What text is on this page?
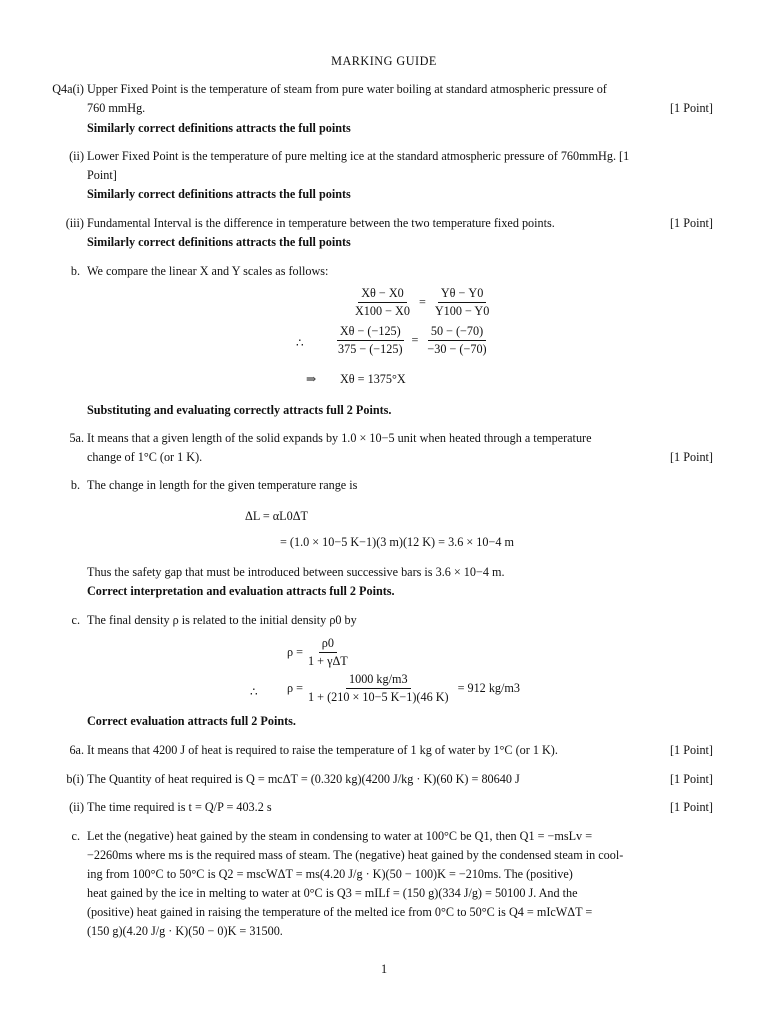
MARKING GUIDE
Q4a(i) Upper Fixed Point is the temperature of steam from pure water boiling at standard atmospheric pressure of
760 mmHg.	[1 Point]
Similarly correct definitions attracts the full points
(ii) Lower Fixed Point is the temperature of pure melting ice at the standard atmospheric pressure of 760mmHg. [1
Point]
Similarly correct definitions attracts the full points
(iii) Fundamental Interval is the difference in temperature between the two temperature fixed points.	[1 Point]
Similarly correct definitions attracts the full points
b. We compare the linear X and Y scales as follows:
$\frac{X\theta - X0}{X100 - X0} = \frac{Y\theta - Y0}{Y100 - Y0}$
∴	$\frac{X\theta - (-125)}{375 - (-125)} = \frac{50 - (-70)}{-30 - (-70)}$
⇒ Xθ = 1375°X
Substituting and evaluating correctly attracts full 2 Points.
5a. It means that a given length of the solid expands by 1.0 × 10−5 unit when heated through a temperature
change of 1°C (or 1 K).	[1 Point]
b. The change in length for the given temperature range is
ΔL = αL0ΔT
= (1.0 × 10−5 K−1)(3 m)(12 K) = 3.6 × 10−4 m
Thus the safety gap that must be introduced between successive bars is 3.6 × 10−4 m.
Correct interpretation and evaluation attracts full 2 Points.
c. The final density ρ is related to the initial density ρ0 by
$\rho = \frac{\rho 0}{\text{1 + γΔT}}$
∴ $\rho = \frac{1000 kg/m3}{1 + (210 \times 10-5 K-1)(46 K)} = 912$ kg/m3
Correct evaluation attracts full 2 Points.
6a. It means that 4200 J of heat is required to raise the temperature of 1 kg of water by 1°C (or 1 K).	[1 Point]
b(i) The Quantity of heat required is Q = mcΔT = (0.320 kg)(4200 J/kg · K)(60 K) = 80640 J	[1 Point]
(ii) The time required is t = Q/P = 403.2 s	[1 Point]
c. Let the (negative) heat gained by the steam in condensing to water at 100°C be Q1, then Q1 = −msLv =
−2260ms where ms is the required mass of steam. The (negative) heat gained by the condensed steam in cool-
ing from 100°C to 50°C is Q2 = mscWΔT = ms(4.20 J/g · K)(50 − 100)K = −210ms. The (positive)
heat gained by the ice in melting to water at 0°C is Q3 = mILf = (150 g)(334 J/g) = 50100 J. And the
(positive) heat gained in raising the temperature of the melted ice from 0°C to 50°C is Q4 = mIcWΔT =
(150 g)(4.20 J/g · K)(50 − 0)K = 31500.
1
